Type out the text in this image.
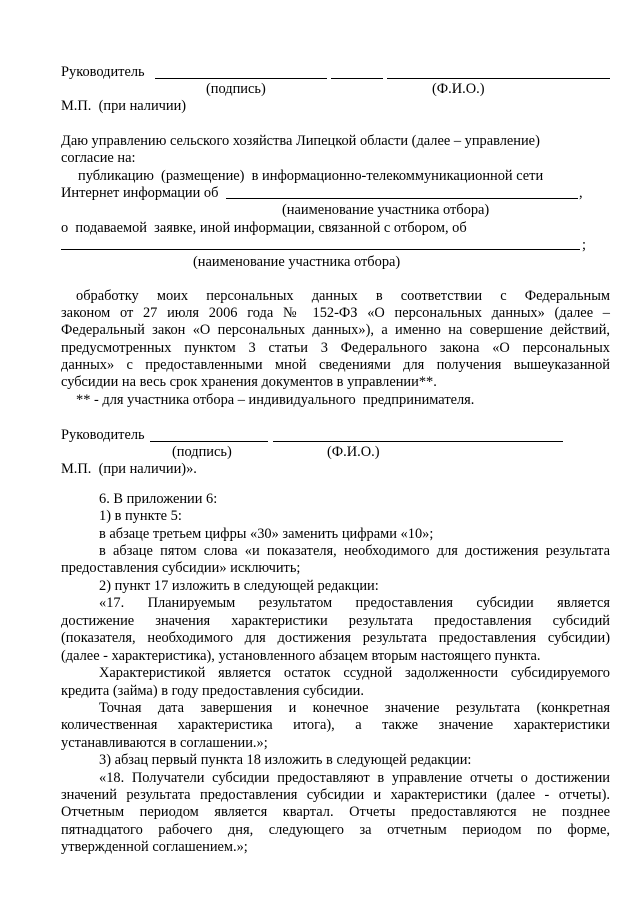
Руководитель
(подпись)	(Ф.И.О.)
М.П.  (при наличии)
Даю управлению сельского хозяйства Липецкой области (далее – управление)
согласие на:
публикацию  (размещение)  в информационно-телекоммуникационной сети
Интернет информации об	,
(наименование участника отбора)
о  подаваемой  заявке, иной информации, связанной с отбором, об
;
(наименование участника отбора)
обработку моих персональных данных в соответствии с Федеральным
законом от 27 июля 2006 года № 152-ФЗ «О персональных данных» (далее –
Федеральный закон «О персональных данных»), а именно на совершение действий,
предусмотренных пунктом 3 статьи 3 Федерального закона «О персональных
данных» с предоставленными мной сведениями для получения вышеуказанной
субсидии на весь срок хранения документов в управлении**.
** - для участника отбора – индивидуального  предпринимателя.
Руководитель
(подпись)	(Ф.И.О.)
М.П.  (при наличии)».
6. В приложении 6:
1) в пункте 5:
в абзаце третьем цифры «30» заменить цифрами «10»;
в абзаце пятом слова «и показателя, необходимого для достижения результата
предоставления субсидии» исключить;
2) пункт 17 изложить в следующей редакции:
«17. Планируемым результатом предоставления субсидии является
достижение значения характеристики результата предоставления субсидий
(показателя, необходимого для достижения результата предоставления субсидии)
(далее - характеристика), установленного абзацем вторым настоящего пункта.
Характеристикой является остаток ссудной задолженности субсидируемого
кредита (займа) в году предоставления субсидии.
Точная дата завершения и конечное значение результата (конкретная
количественная характеристика итога), а также значение характеристики
устанавливаются в соглашении.»;
3) абзац первый пункта 18 изложить в следующей редакции:
«18. Получатели субсидии предоставляют в управление отчеты о достижении
значений результата предоставления субсидии и характеристики (далее - отчеты).
Отчетным периодом является квартал. Отчеты предоставляются не позднее
пятнадцатого рабочего дня, следующего за отчетным периодом по форме,
утвержденной соглашением.»;
